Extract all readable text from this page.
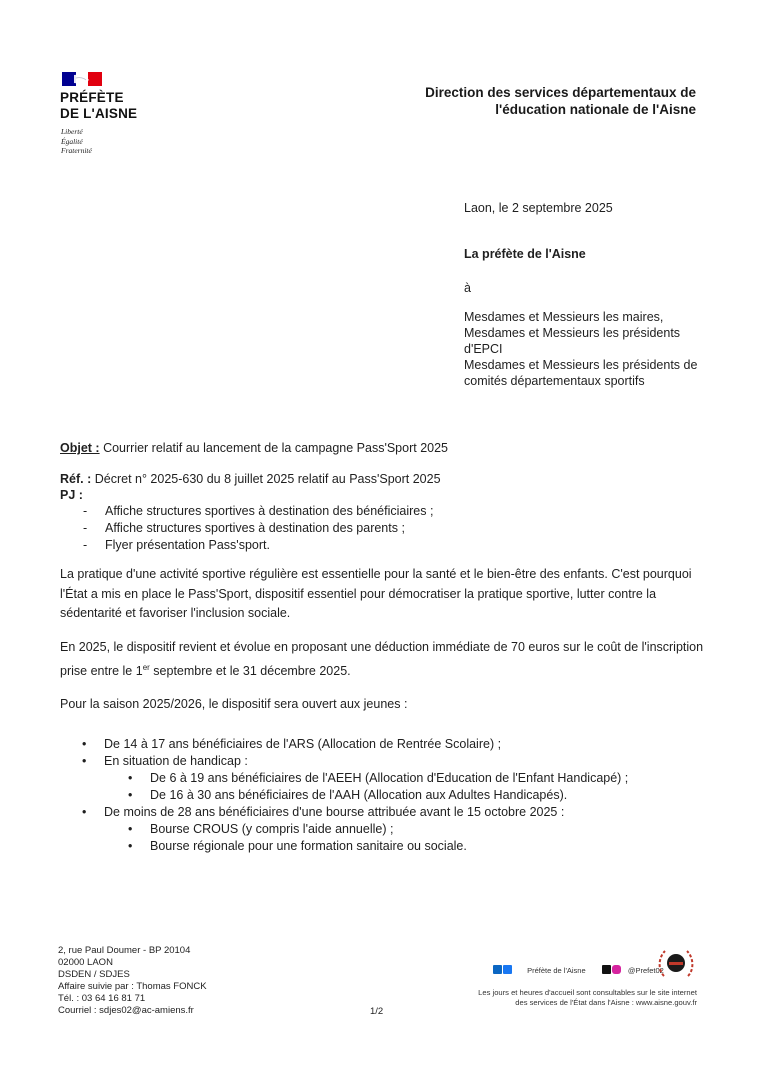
PRÉFÈTE
DE L'AISNE
Liberté
Égalité
Fraternité
Direction des services départementaux de
l'éducation nationale de l'Aisne
Laon, le 2 septembre 2025
La préfète de l'Aisne
à
Mesdames et Messieurs les maires,
Mesdames et Messieurs les présidents d'EPCI
Mesdames et Messieurs les présidents de comités départementaux sportifs
Objet : Courrier relatif au lancement de la campagne Pass'Sport 2025
Réf. : Décret n° 2025-630 du 8 juillet 2025 relatif au Pass'Sport 2025
PJ :
- Affiche structures sportives à destination des bénéficiaires ;
- Affiche structures sportives à destination des parents ;
- Flyer présentation Pass'sport.
La pratique d'une activité sportive régulière est essentielle pour la santé et le bien-être des enfants. C'est pourquoi l'État a mis en place le Pass'Sport, dispositif essentiel pour démocratiser la pratique sportive, lutter contre la sédentarité et favoriser l'inclusion sociale.
En 2025, le dispositif revient et évolue en proposant une déduction immédiate de 70 euros sur le coût de l'inscription prise entre le 1er septembre et le 31 décembre 2025.
Pour la saison 2025/2026, le dispositif sera ouvert aux jeunes :
• De 14 à 17 ans bénéficiaires de l'ARS (Allocation de Rentrée Scolaire) ;
• En situation de handicap :
• De 6 à 19 ans bénéficiaires de l'AEEH (Allocation d'Education de l'Enfant Handicapé) ;
• De 16 à 30 ans bénéficiaires de l'AAH (Allocation aux Adultes Handicapés).
• De moins de 28 ans bénéficiaires d'une bourse attribuée avant le 15 octobre 2025 :
• Bourse CROUS (y compris l'aide annuelle) ;
• Bourse régionale pour une formation sanitaire ou sociale.
2, rue Paul Doumer - BP 20104
02000 LAON
DSDEN / SDJES
Affaire suivie par : Thomas FONCK
Tél. : 03 64 16 81 71
Courriel : sdjes02@ac-amiens.fr	1/2
Préfète de l'Aisne	@Prefet02
Les jours et heures d'accueil sont consultables sur le site internet
des services de l'État dans l'Aisne : www.aisne.gouv.fr
